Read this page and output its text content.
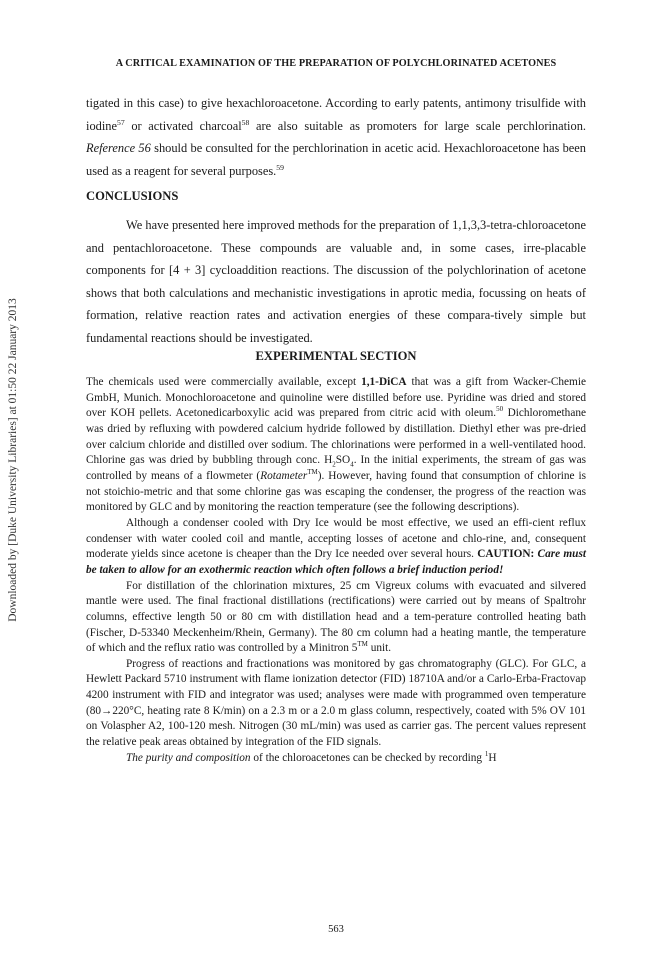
A CRITICAL EXAMINATION OF THE PREPARATION OF POLYCHLORINATED ACETONES
Downloaded by [Duke University Libraries] at 01:50 22 January 2013

tigated in this case) to give hexachloroacetone. According to early patents, antimony trisulfide with iodine$^{57}$ or activated charcoal$^{58}$ are also suitable as promoters for large scale perchlorination. Reference 56 should be consulted for the perchlorination in acetic acid. Hexachloroacetone has been used as a reagent for several purposes.$^{59}$

CONCLUSIONS

We have presented here improved methods for the preparation of 1,1,3,3-tetra-chloroacetone and pentachloroacetone. These compounds are valuable and, in some cases, irre-placable components for [4 + 3] cycloaddition reactions. The discussion of the polychlorination of acetone shows that both calculations and mechanistic investigations in aprotic media, focussing on heats of formation, relative reaction rates and activation energies of these compara-tively simple but fundamental reactions should be investigated.

EXPERIMENTAL SECTION

The chemicals used were commercially available, except 1,1-DiCA that was a gift from Wacker-Chemie GmbH, Munich. Monochloroacetone and quinoline were distilled before use. Pyridine was dried and stored over KOH pellets. Acetonedicarboxylic acid was prepared from citric acid with oleum.$^{50}$ Dichloromethane was dried by refluxing with powdered calcium hydride followed by distillation. Diethyl ether was pre-dried over calcium chloride and distilled over sodium. The chlorinations were performed in a well-ventilated hood. Chlorine gas was dried by bubbling through conc. $H_2SO_4$. In the initial experiments, the stream of gas was controlled by means of a flowmeter (Rotameter™). However, having found that consumption of chlorine is not stoichio-metric and that some chlorine gas was escaping the condenser, the progress of the reaction was monitored by GLC and by monitoring the reaction temperature (see the following descriptions).

Although a condenser cooled with Dry Ice would be most effective, we used an effi-cient reflux condenser with water cooled coil and mantle, accepting losses of acetone and chlo-rine, and, consequent moderate yields since acetone is cheaper than the Dry Ice needed over several hours. CAUTION: Care must be taken to allow for an exothermic reaction which often follows a brief induction period!

For distillation of the chlorination mixtures, 25 cm Vigreux colums with evacuated and silvered mantle were used. The final fractional distillations (rectifications) were carried out by means of Spaltrohr columns, effective length 50 or 80 cm with distillation head and a tem-perature controlled heating bath (Fischer, D-53340 Meckenheim/Rhein, Germany). The 80 cm column had a heating mantle, the temperature of which and the reflux ratio was controlled by a Minitron 5™ unit.

Progress of reactions and fractionations was monitored by gas chromatography (GLC). For GLC, a Hewlett Packard 5710 instrument with flame ionization detector (FID) 18710A and/or a Carlo-Erba-Fractovap 4200 instrument with FID and integrator was used; analyses were made with programmed oven temperature (80→220°C, heating rate 8 K/min) on a 2.3 m or a 2.0 m glass column, respectively, coated with 5% OV 101 on Volaspher A2, 100-120 mesh. Nitrogen (30 mL/min) was used as carrier gas. The percent values represent the relative peak areas obtained by integration of the FID signals.

The purity and composition of the chloroacetones can be checked by recording $^1$H

563
